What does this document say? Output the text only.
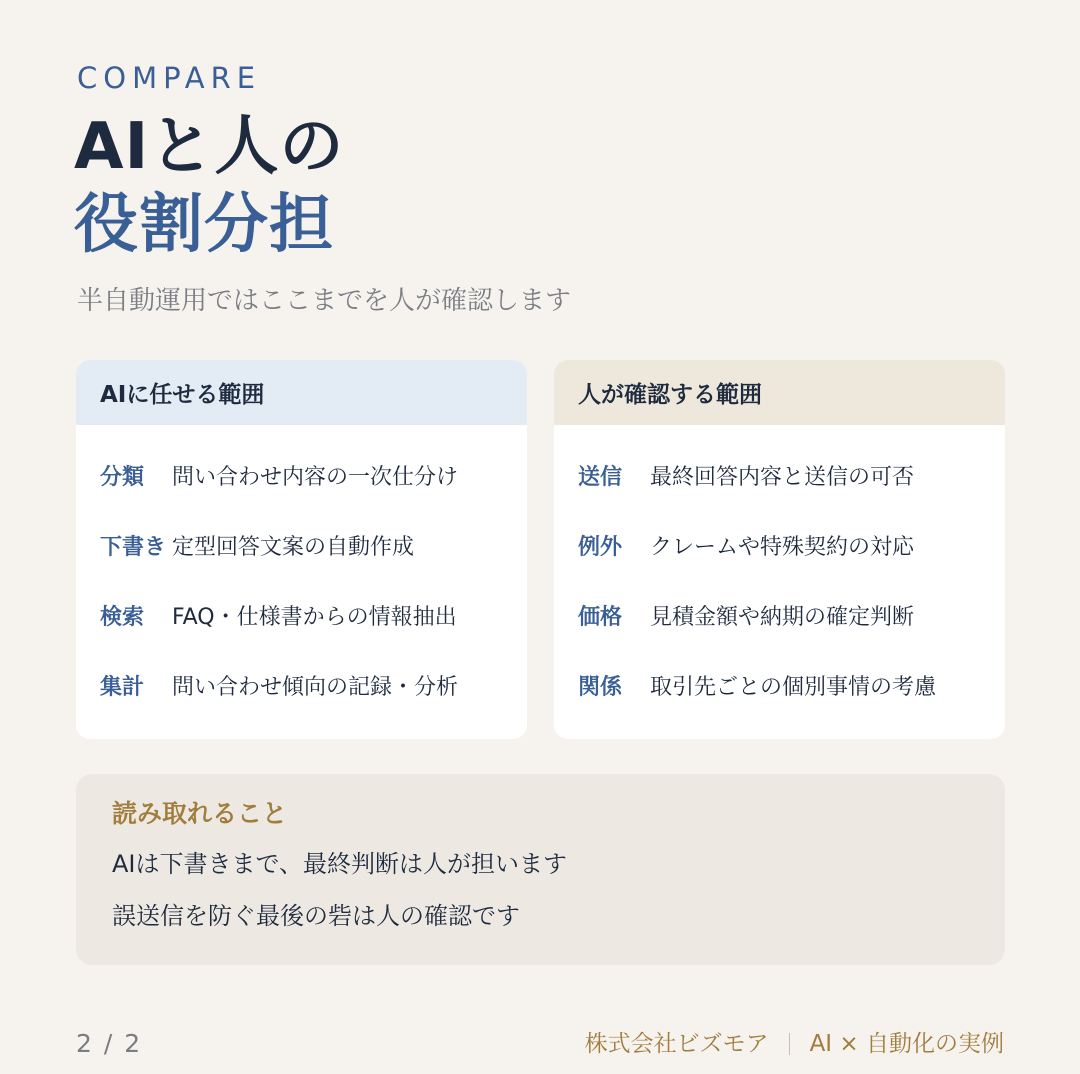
COMPARE
AIと人の
役割分担
半自動運用ではここまでを人が確認します
AIに任せる範囲
分類	問い合わせ内容の一次仕分け
下書き 定型回答文案の自動作成
検索	FAQ・仕様書からの情報抽出
集計	問い合わせ傾向の記録・分析
人が確認する範囲
送信	最終回答内容と送信の可否
例外	クレームや特殊契約の対応
価格	見積金額や納期の確定判断
関係	取引先ごとの個別事情の考慮
読み取れること
AIは下書きまで、最終判断は人が担います
誤送信を防ぐ最後の砦は人の確認です
2 / 2	株式会社ビズモア AI × 自動化の実例
